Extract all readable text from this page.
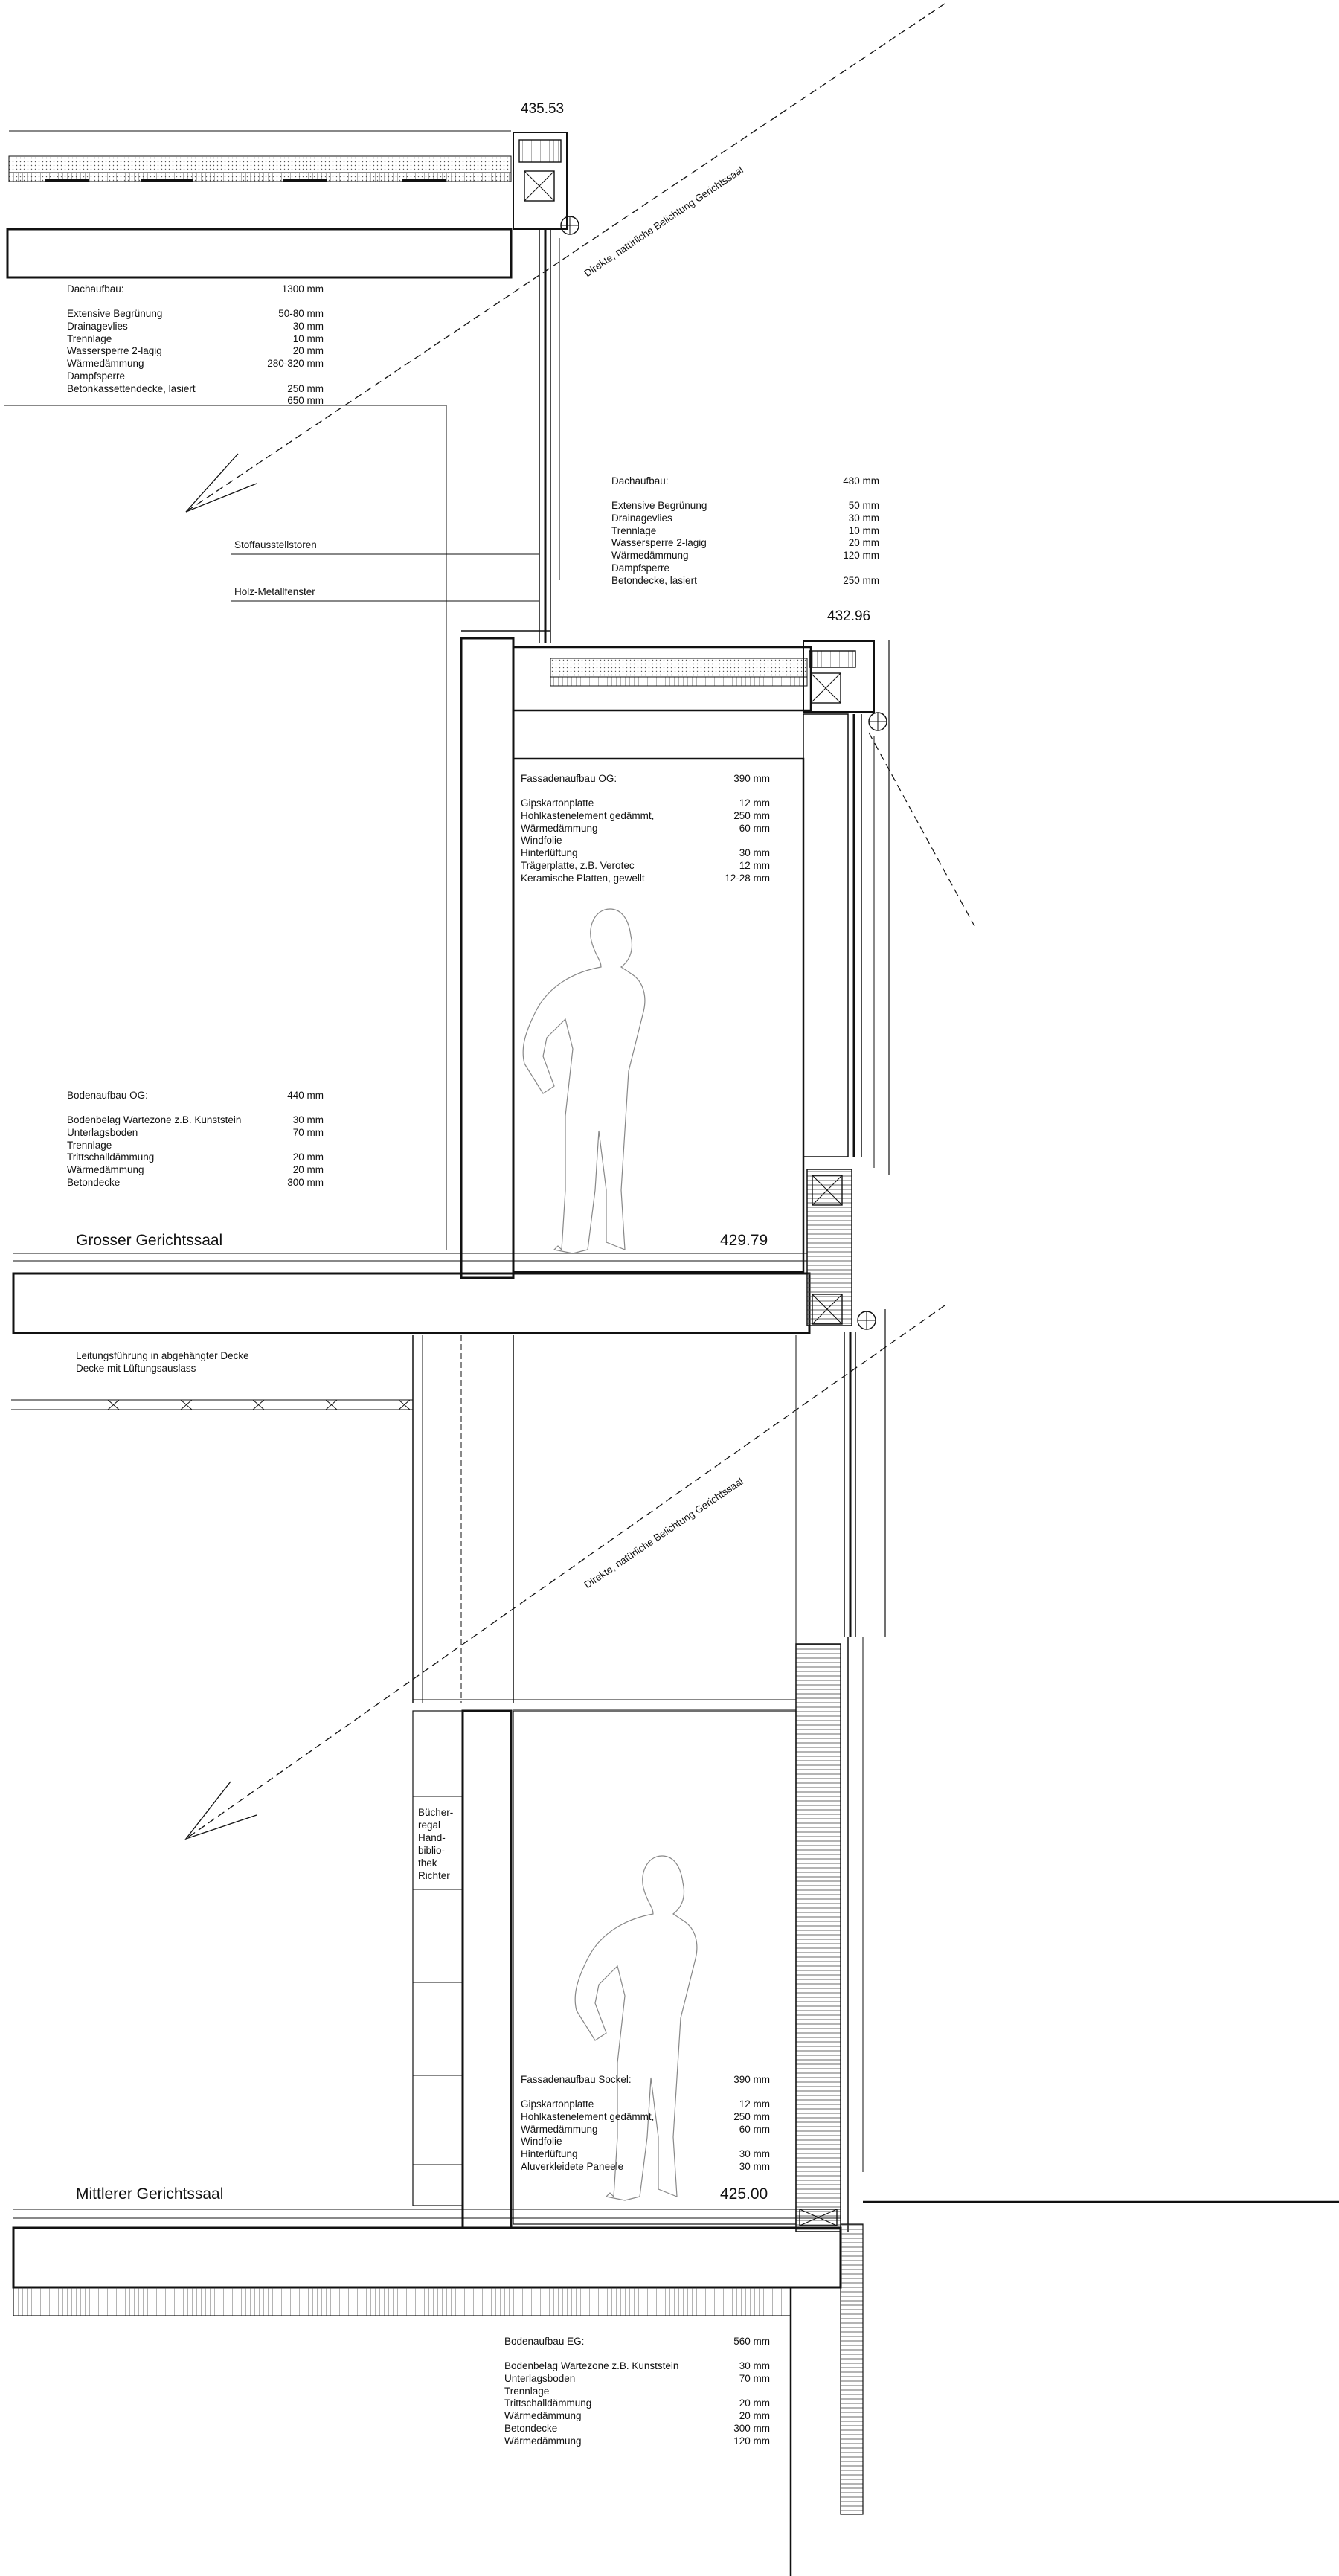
435.53
432.96
429.79
425.00
Grosser Gerichtssaal
Mittlerer Gerichtssaal
Direkte, natürliche Belichtung Gerichtssaal
Direkte, natürliche Belichtung Gerichtssaal
Stoffausstellstoren
Holz-Metallfenster
Leitungsführung in abgehängter Decke
Decke mit Lüftungsauslass
Bücher-
regal
Hand-
biblio-
thek
Richter
Dachaufbau:	1300 mm
Extensive Begrünung	50-80 mm
Drainagevlies	30 mm
Trennlage	10 mm
Wassersperre 2-lagig	20 mm
Wärmedämmung	280-320 mm
Dampfsperre
Betonkassettendecke, lasiert	250 mm
650 mm
Dachaufbau:	480 mm
Extensive Begrünung	50 mm
Drainagevlies	30 mm
Trennlage	10 mm
Wassersperre 2-lagig	20 mm
Wärmedämmung	120 mm
Dampfsperre
Betondecke, lasiert	250 mm
Fassadenaufbau OG:	390 mm
Gipskartonplatte	12 mm
Hohlkastenelement gedämmt,	250 mm
Wärmedämmung	60 mm
Windfolie
Hinterlüftung	30 mm
Trägerplatte, z.B. Verotec	12 mm
Keramische Platten, gewellt	12-28 mm
Bodenaufbau OG:	440 mm
Bodenbelag Wartezone z.B. Kunststein	30 mm
Unterlagsboden	70 mm
Trennlage
Trittschalldämmung	20 mm
Wärmedämmung	20 mm
Betondecke	300 mm
Fassadenaufbau Sockel:	390 mm
Gipskartonplatte	12 mm
Hohlkastenelement gedämmt,	250 mm
Wärmedämmung	60 mm
Windfolie
Hinterlüftung	30 mm
Aluverkleidete Paneele	30 mm
Bodenaufbau EG:	560 mm
Bodenbelag Wartezone z.B. Kunststein	30 mm
Unterlagsboden	70 mm
Trennlage
Trittschalldämmung	20 mm
Wärmedämmung	20 mm
Betondecke	300 mm
Wärmedämmung	120 mm
